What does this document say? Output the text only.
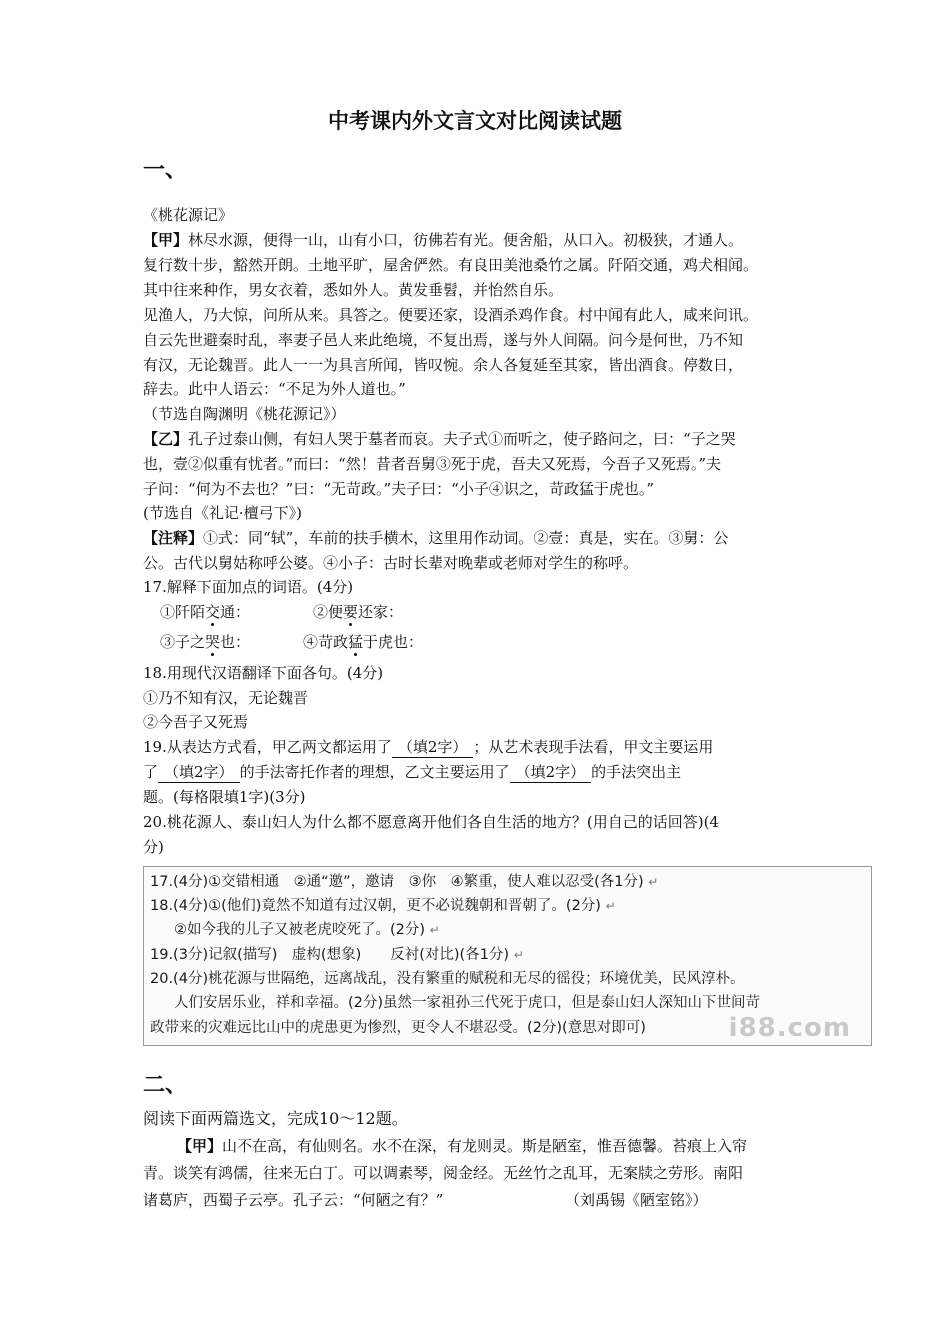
中考课内外文言文对比阅读试题
一、
《桃花源记》
【甲】林尽水源，便得一山，山有小口，彷佛若有光。便舍船，从口入。初极狭，才通人。
复行数十步，豁然开朗。土地平旷，屋舍俨然。有良田美池桑竹之属。阡陌交通，鸡犬相闻。
其中往来种作，男女衣着，悉如外人。黄发垂髫，并怡然自乐。
见渔人，乃大惊，问所从来。具答之。便要还家，设酒杀鸡作食。村中闻有此人，咸来问讯。
自云先世避秦时乱，率妻子邑人来此绝境，不复出焉，遂与外人间隔。问今是何世，乃不知
有汉，无论魏晋。此人一一为具言所闻，皆叹惋。余人各复延至其家，皆出酒食。停数日，
辞去。此中人语云：“不足为外人道也。”
（节选自陶渊明《桃花源记》）
【乙】孔子过泰山侧，有妇人哭于墓者而哀。夫子式①而听之，使子路问之，曰：“子之哭
也，壹②似重有忧者。”而曰：“然！昔者吾舅③死于虎，吾夫又死焉，今吾子又死焉。”夫
子问：“何为不去也？”曰：“无苛政。”夫子曰：“小子④识之，苛政猛于虎也。”
(节选自《礼记·檀弓下》)
【注释】①式：同“轼”，车前的扶手横木，这里用作动词。②壹：真是，实在。③舅：公
公。古代以舅姑称呼公婆。④小子：古时长辈对晚辈或老师对学生的称呼。
17.解释下面加点的词语。(4分)
①阡陌交通：	②便要还家：
③子之哭也：	④苛政猛于虎也：
18.用现代汉语翻译下面各句。(4分)
①乃不知有汉，无论魏晋
②今吾子又死焉
19.从表达方式看，甲乙两文都运用了 （填2字） ；从艺术表现手法看，甲文主要运用
了 （填2字） 的手法寄托作者的理想，乙文主要运用了 （填2字） 的手法突出主
题。(每格限填1字)(3分)
20.桃花源人、泰山妇人为什么都不愿意离开他们各自生活的地方？(用自己的话回答)(4
分)
17.(4分)①交错相通　②通“邀”，邀请　③你　④繁重，使人难以忍受(各1分) ↵
18.(4分)①(他们)竟然不知道有过汉朝，更不必说魏朝和晋朝了。(2分) ↵
②如今我的儿子又被老虎咬死了。(2分) ↵
19.(3分)记叙(描写)　虚构(想象)　　反衬(对比)(各1分) ↵
20.(4分)桃花源与世隔绝，远离战乱，没有繁重的赋税和无尽的徭役；环境优美，民风淳朴。
人们安居乐业，祥和幸福。(2分)虽然一家祖孙三代死于虎口，但是泰山妇人深知山下世间苛
政带来的灾难远比山中的虎患更为惨烈，更令人不堪忍受。(2分)(意思对即可)	i88.com
二、
阅读下面两篇选文，完成10～12题。
【甲】山不在高，有仙则名。水不在深，有龙则灵。斯是陋室，惟吾德馨。苔痕上入帘
青。谈笑有鸿儒，往来无白丁。可以调素琴，阅金经。无丝竹之乱耳，无案牍之劳形。南阳
诸葛庐，西蜀子云亭。孔子云：“何陋之有？”	（刘禹锡《陋室铭》）
